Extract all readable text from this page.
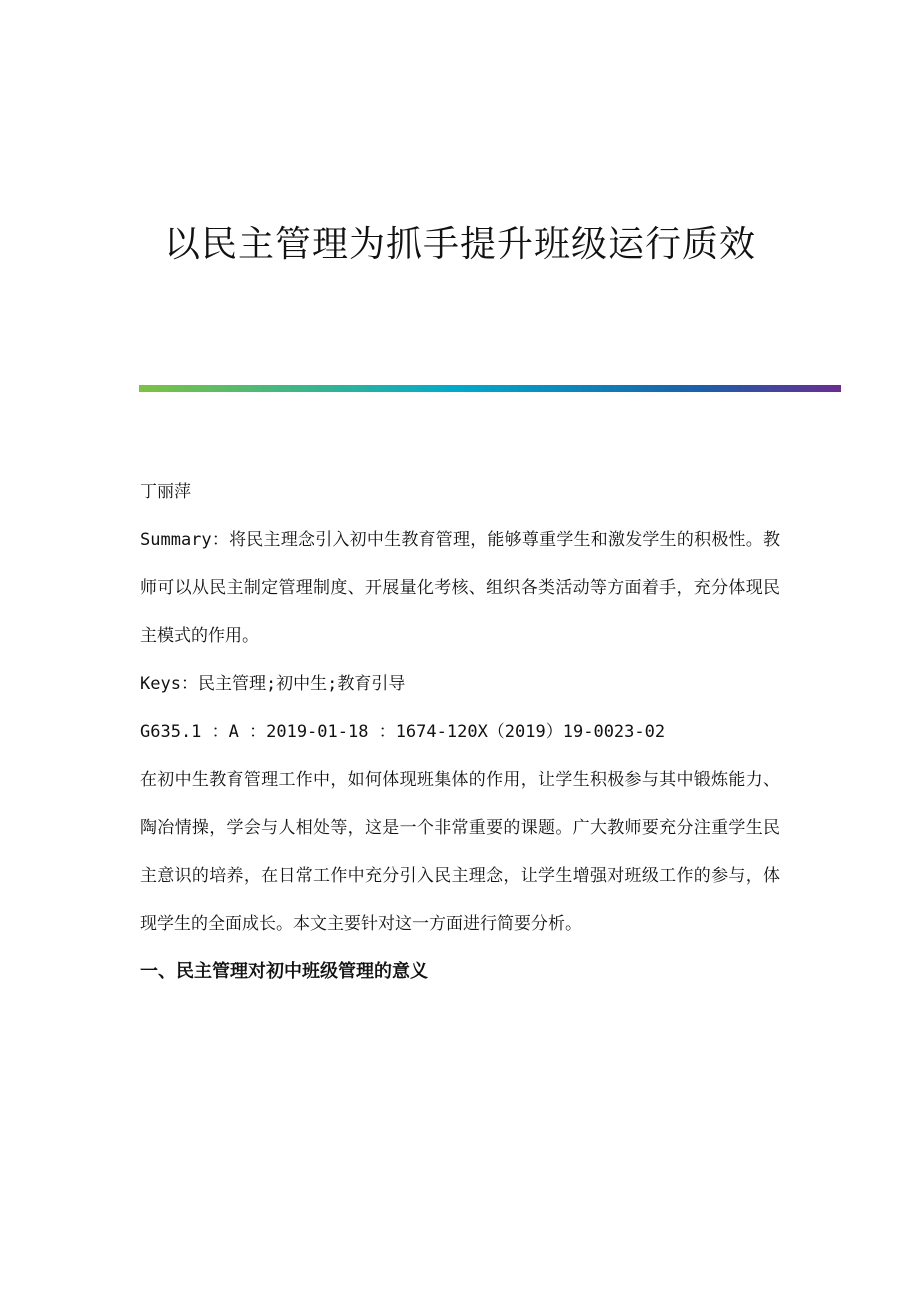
以民主管理为抓手提升班级运行质效

丁丽萍

Summary：将民主理念引入初中生教育管理，能够尊重学生和激发学生的积极性。教师可以从民主制定管理制度、开展量化考核、组织各类活动等方面着手，充分体现民主模式的作用。

Keys：民主管理;初中生;教育引导

G635.1 ：A ：2019-01-18 ：1674-120X（2019）19-0023-02

在初中生教育管理工作中，如何体现班集体的作用，让学生积极参与其中锻炼能力、陶冶情操，学会与人相处等，这是一个非常重要的课题。广大教师要充分注重学生民主意识的培养，在日常工作中充分引入民主理念，让学生增强对班级工作的参与，体现学生的全面成长。本文主要针对这一方面进行简要分析。

一、民主管理对初中班级管理的意义
